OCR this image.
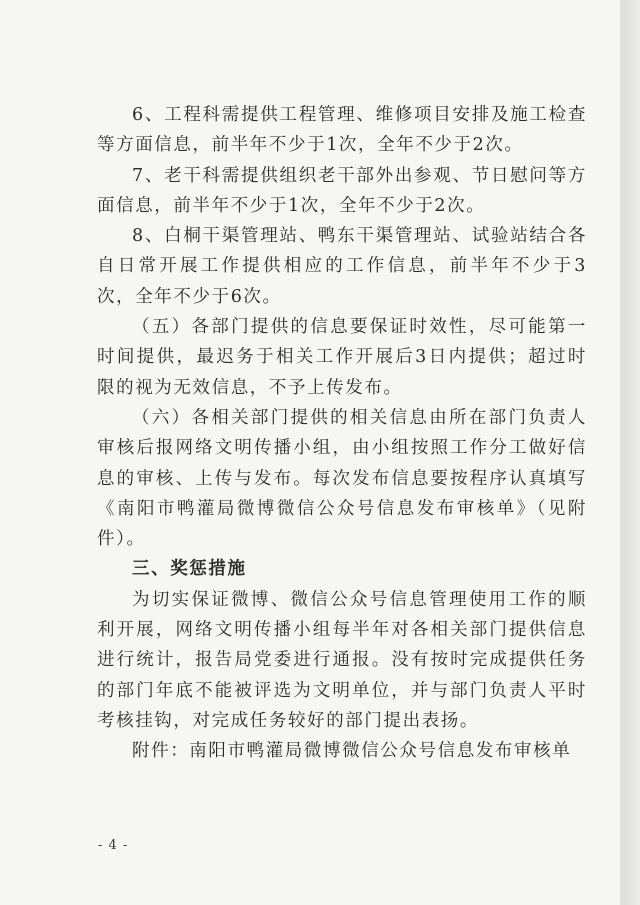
6、工程科需提供工程管理、维修项目安排及施工检查等方面信息，前半年不少于1次，全年不少于2次。

7、老干科需提供组织老干部外出参观、节日慰问等方面信息，前半年不少于1次，全年不少于2次。

8、白桐干渠管理站、鸭东干渠管理站、试验站结合各自日常开展工作提供相应的工作信息，前半年不少于3次，全年不少于6次。

（五）各部门提供的信息要保证时效性，尽可能第一时间提供，最迟务于相关工作开展后3日内提供；超过时限的视为无效信息，不予上传发布。

（六）各相关部门提供的相关信息由所在部门负责人审核后报网络文明传播小组，由小组按照工作分工做好信息的审核、上传与发布。每次发布信息要按程序认真填写《南阳市鸭灌局微博微信公众号信息发布审核单》（见附件）。

三、奖惩措施

为切实保证微博、微信公众号信息管理使用工作的顺利开展，网络文明传播小组每半年对各相关部门提供信息进行统计，报告局党委进行通报。没有按时完成提供任务的部门年底不能被评选为文明单位，并与部门负责人平时考核挂钩，对完成任务较好的部门提出表扬。

附件：南阳市鸭灌局微博微信公众号信息发布审核单

- 4 -
